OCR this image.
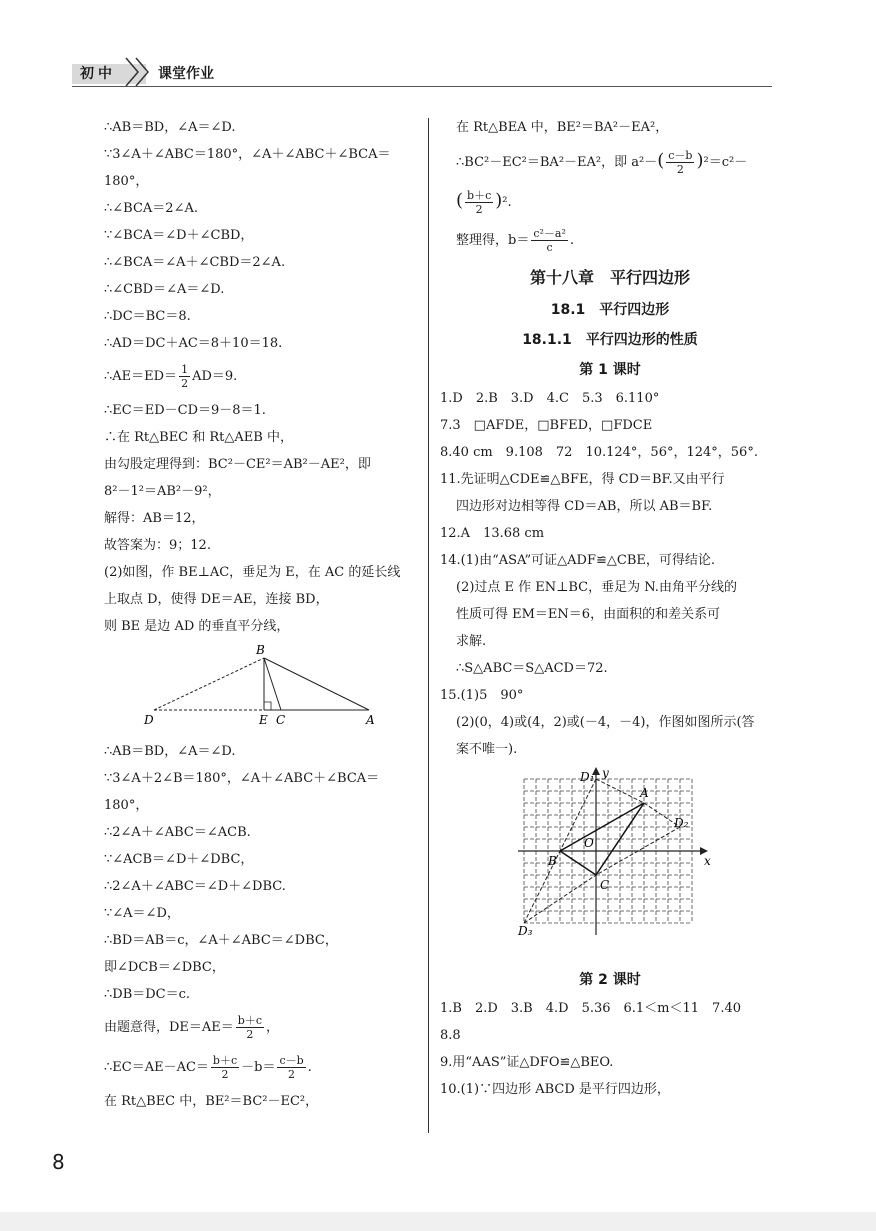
初中	课堂作业
∴AB＝BD，∠A＝∠D.
∵3∠A＋∠ABC＝180°，∠A＋∠ABC＋∠BCA＝
180°，
∴∠BCA＝2∠A.
∵∠BCA＝∠D＋∠CBD，
∴∠BCA＝∠A＋∠CBD＝2∠A.
∴∠CBD＝∠A＝∠D.
∴DC＝BC＝8.
∴AD＝DC＋AC＝8＋10＝18.
∴AE＝ED＝ $\frac{1}{2} AD=9$.
∴EC＝ED－CD＝9－8＝1.
∴在 Rt△BEC 和 Rt△AEB 中，
由勾股定理得到：BC²－CE²＝AB²－AE²，即
8²－1²＝AB²－9²，
解得：AB＝12，
故答案为：9；12.
(2)如图，作 BE⊥AC，垂足为 E，在 AC 的延长线
上取点 D，使得 DE＝AE，连接 BD，
则 BE 是边 AD 的垂直平分线，
B
D	E C	A
∴AB＝BD，∠A＝∠D.
∵3∠A＋2∠B＝180°，∠A＋∠ABC＋∠BCA＝
180°，
∴2∠A＋∠ABC＝∠ACB.
∵∠ACB＝∠D＋∠DBC，
∴2∠A＋∠ABC＝∠D＋∠DBC.
∵∠A＝∠D，
∴BD＝AB＝c，∠A＋∠ABC＝∠DBC，
即∠DCB＝∠DBC，
∴DB＝DC＝c.
由题意得，$DE=AE= \frac{b+c}{2}$ ，
∴EC＝AE－AC＝ $\frac{b+c}{2} -b= \frac{c-b}{2}$ .
在 Rt△BEC 中，BE²＝BC²－EC²，
在 Rt△BEA 中，BE²＝BA²－EA²，
∴BC²－EC²＝BA²－EA²，即 $a^2-( \frac{c-b}{2} )^2=c^2-$
( $\frac{b+c}{2} )^2$.
整理得，$b= \frac{\text{c²－a²}}{c}$ .
第十八章　平行四边形
18.1　平行四边形
18.1.1　平行四边形的性质
第 1 课时
1.D　2.B　3.D　4.C　5.3　6.110°
7.3　□AFDE，□BFED，□FDCE
8.40 cm　9.108　72　10.124°，56°，124°，56°.
11.先证明△CDE≌△BFE，得 CD＝BF.又由平行
四边形对边相等得 CD＝AB，所以 AB＝BF.
12.A　13.68 cm
14.(1)由“ASA”可证△ADF≌△CBE，可得结论.
(2)过点 E 作 EN⊥BC，垂足为 N.由角平分线的
性质可得 EM＝EN＝6，由面积的和差关系可
求解.
∴S△ABC＝S△ACD＝72.
15.(1)5　90°
(2)(0，4)或(4，2)或(－4，－4)，作图如图所示(答
案不唯一).
y
x
O
A
B
C
D₁
D₂
D₃
第 2 课时
1.B　2.D　3.B　4.D　5.36　6.1＜m＜11　7.40
8.8
9.用“AAS”证△DFO≌△BEO.
10.(1)∵四边形 ABCD 是平行四边形，
8
